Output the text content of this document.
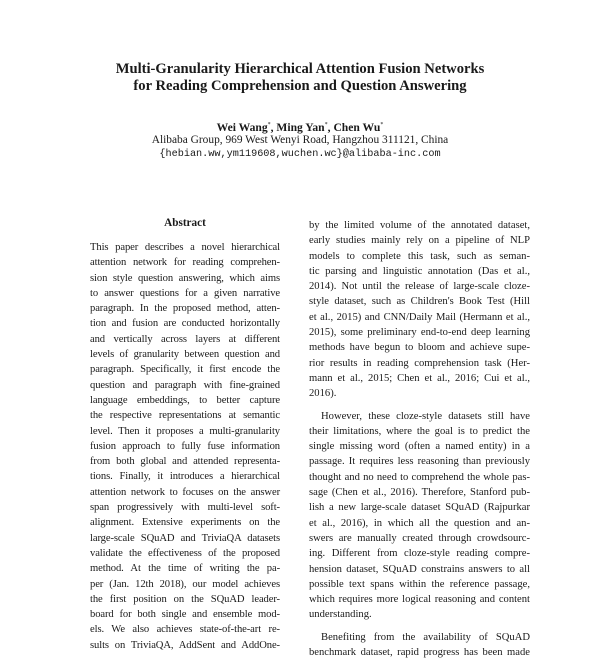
Multi-Granularity Hierarchical Attention Fusion Networks
for Reading Comprehension and Question Answering
Wei Wang*, Ming Yan*, Chen Wu*
Alibaba Group, 969 West Wenyi Road, Hangzhou 311121, China
{hebian.ww,ym119608,wuchen.wc}@alibaba-inc.com
Abstract
This paper describes a novel hierarchical
attention network for reading comprehen-
sion style question answering, which aims
to answer questions for a given narrative
paragraph. In the proposed method, atten-
tion and fusion are conducted horizontally
and vertically across layers at different
levels of granularity between question and
paragraph. Specifically, it first encode the
question and paragraph with fine-grained
language embeddings, to better capture
the respective representations at semantic
level. Then it proposes a multi-granularity
fusion approach to fully fuse information
from both global and attended representa-
tions. Finally, it introduces a hierarchical
attention network to focuses on the answer
span progressively with multi-level soft-
alignment. Extensive experiments on the
large-scale SQuAD and TriviaQA datasets
validate the effectiveness of the proposed
method. At the time of writing the pa-
per (Jan. 12th 2018), our model achieves
the first position on the SQuAD leader-
board for both single and ensemble mod-
els. We also achieves state-of-the-art re-
sults on TriviaQA, AddSent and AddOne-
by the limited volume of the annotated dataset,
early studies mainly rely on a pipeline of NLP
models to complete this task, such as seman-
tic parsing and linguistic annotation (Das et al.,
2014). Not until the release of large-scale cloze-
style dataset, such as Children's Book Test (Hill
et al., 2015) and CNN/Daily Mail (Hermann et al.,
2015), some preliminary end-to-end deep learning
methods have begun to bloom and achieve supe-
rior results in reading comprehension task (Her-
mann et al., 2015; Chen et al., 2016; Cui et al.,
2016).
However, these cloze-style datasets still have
their limitations, where the goal is to predict the
single missing word (often a named entity) in a
passage. It requires less reasoning than previously
thought and no need to comprehend the whole pas-
sage (Chen et al., 2016). Therefore, Stanford pub-
lish a new large-scale dataset SQuAD (Rajpurkar
et al., 2016), in which all the question and an-
swers are manually created through crowdsourc-
ing. Different from cloze-style reading compre-
hension dataset, SQuAD constrains answers to all
possible text spans within the reference passage,
which requires more logical reasoning and content
understanding.
Benefiting from the availability of SQuAD
benchmark dataset, rapid progress has been made
